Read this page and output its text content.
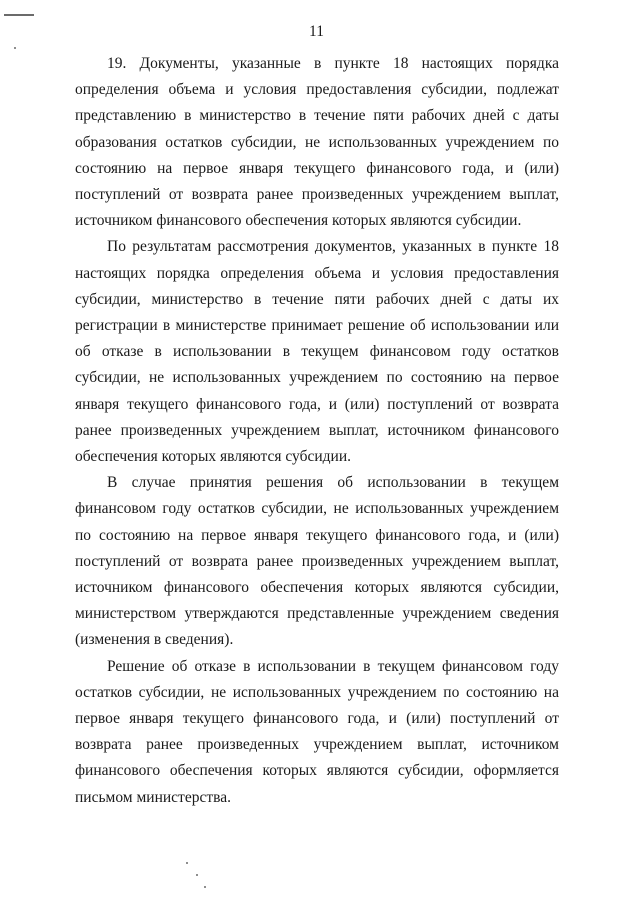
11

19. Документы, указанные в пункте 18 настоящих порядка определения объема и условия предоставления субсидии, подлежат представлению в министерство в течение пяти рабочих дней с даты образования остатков субсидии, не использованных учреждением по состоянию на первое января текущего финансового года, и (или) поступлений от возврата ранее произведенных учреждением выплат, источником финансового обеспечения которых являются субсидии.

По результатам рассмотрения документов, указанных в пункте 18 настоящих порядка определения объема и условия предоставления субсидии, министерство в течение пяти рабочих дней с даты их регистрации в министерстве принимает решение об использовании или об отказе в использовании в текущем финансовом году остатков субсидии, не использованных учреждением по состоянию на первое января текущего финансового года, и (или) поступлений от возврата ранее произведенных учреждением выплат, источником финансового обеспечения которых являются субсидии.

В случае принятия решения об использовании в текущем финансовом году остатков субсидии, не использованных учреждением по состоянию на первое января текущего финансового года, и (или) поступлений от возврата ранее произведенных учреждением выплат, источником финансового обеспечения которых являются субсидии, министерством утверждаются представленные учреждением сведения (изменения в сведения).

Решение об отказе в использовании в текущем финансовом году остатков субсидии, не использованных учреждением по состоянию на первое января текущего финансового года, и (или) поступлений от возврата ранее произведенных учреждением выплат, источником финансового обеспечения которых являются субсидии, оформляется письмом министерства.
